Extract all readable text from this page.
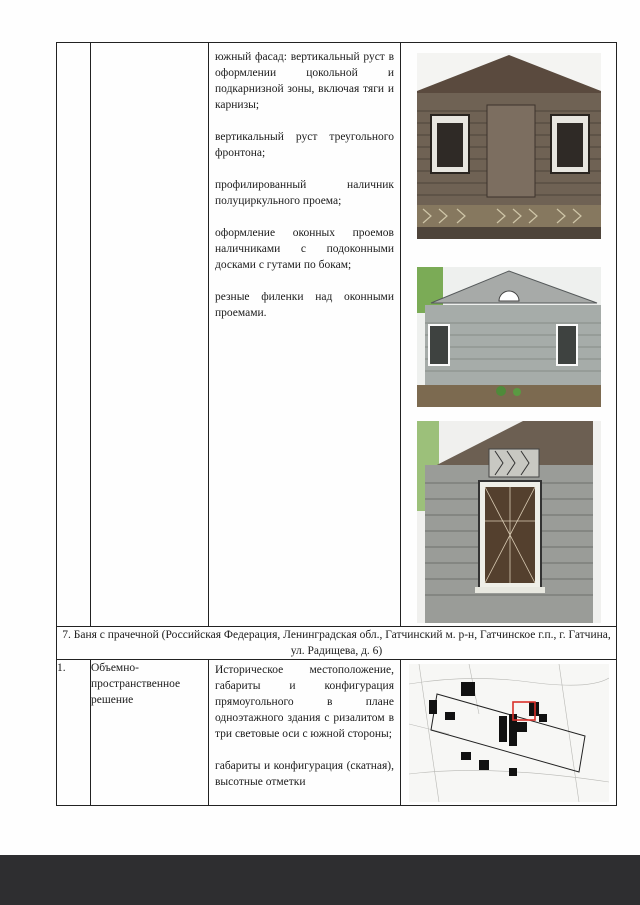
		южный фасад: вертикальный руст в оформлении цокольной и подкарнизной зоны, включая тяги и карнизы;

вертикальный руст треугольного фронтона;

профилированный наличник полуциркульного проема;

оформление оконных проемов наличниками с подоконными досками с гутами по бокам;

резные филенки над оконными проемами.

7. Баня с прачечной (Российская Федерация, Ленинградская обл., Гатчинский м. р-н, Гатчинское г.п., г. Гатчина, ул. Радищева, д. 6)			
1.	Объемно-пространственное решение	Историческое местоположение, габариты и конфигурация прямоугольного в плане одноэтажного здания с ризалитом в три световые оси с южной стороны;

габариты и конфигурация (скатная), высотные отметки
